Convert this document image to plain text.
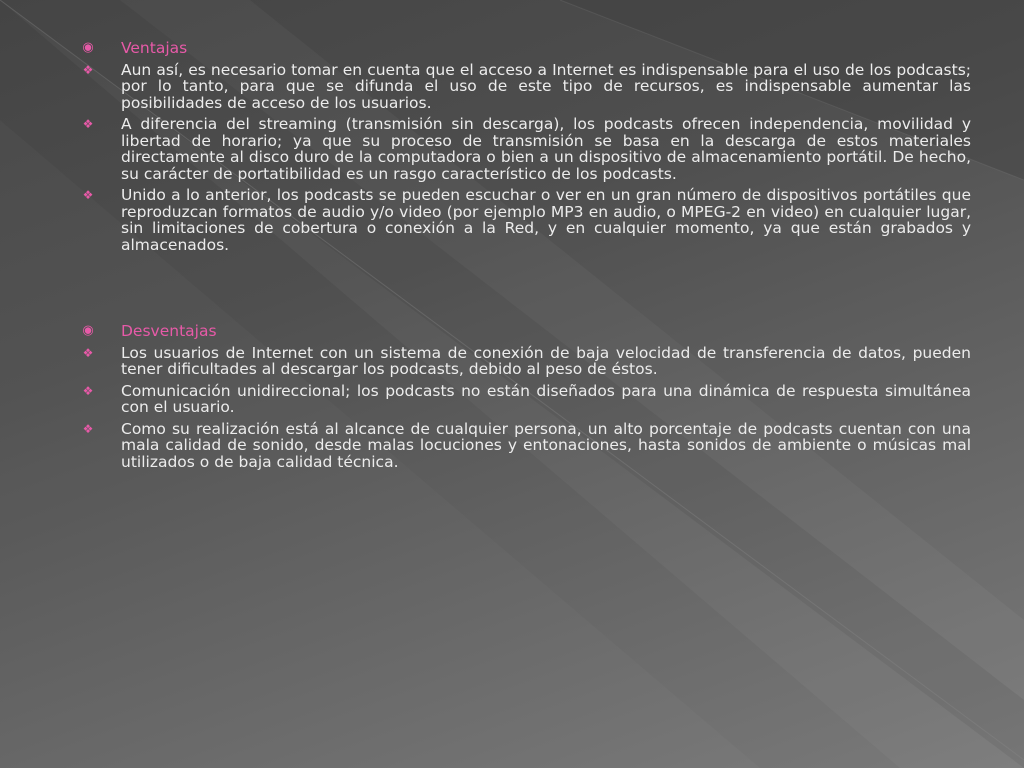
◉ Ventajas
❖ Aun así, es necesario tomar en cuenta que el acceso a Internet es indispensable para el uso de los podcasts; por lo tanto, para que se difunda el uso de este tipo de recursos, es indispensable aumentar las posibilidades de acceso de los usuarios.
❖ A diferencia del streaming (transmisión sin descarga), los podcasts ofrecen independencia, movilidad y libertad de horario; ya que su proceso de transmisión se basa en la descarga de estos materiales directamente al disco duro de la computadora o bien a un dispositivo de almacenamiento portátil. De hecho, su carácter de portatibilidad es un rasgo característico de los podcasts.
❖ Unido a lo anterior, los podcasts se pueden escuchar o ver en un gran número de dispositivos portátiles que reproduzcan formatos de audio y/o video (por ejemplo MP3 en audio, o MPEG-2 en video) en cualquier lugar, sin limitaciones de cobertura o conexión a la Red, y en cualquier momento, ya que están grabados y almacenados.
◉ Desventajas
❖ Los usuarios de Internet con un sistema de conexión de baja velocidad de transferencia de datos, pueden tener dificultades al descargar los podcasts, debido al peso de éstos.
❖ Comunicación unidireccional; los podcasts no están diseñados para una dinámica de respuesta simultánea con el usuario.
❖ Como su realización está al alcance de cualquier persona, un alto porcentaje de podcasts cuentan con una mala calidad de sonido, desde malas locuciones y entonaciones, hasta sonidos de ambiente o músicas mal utilizados o de baja calidad técnica.
